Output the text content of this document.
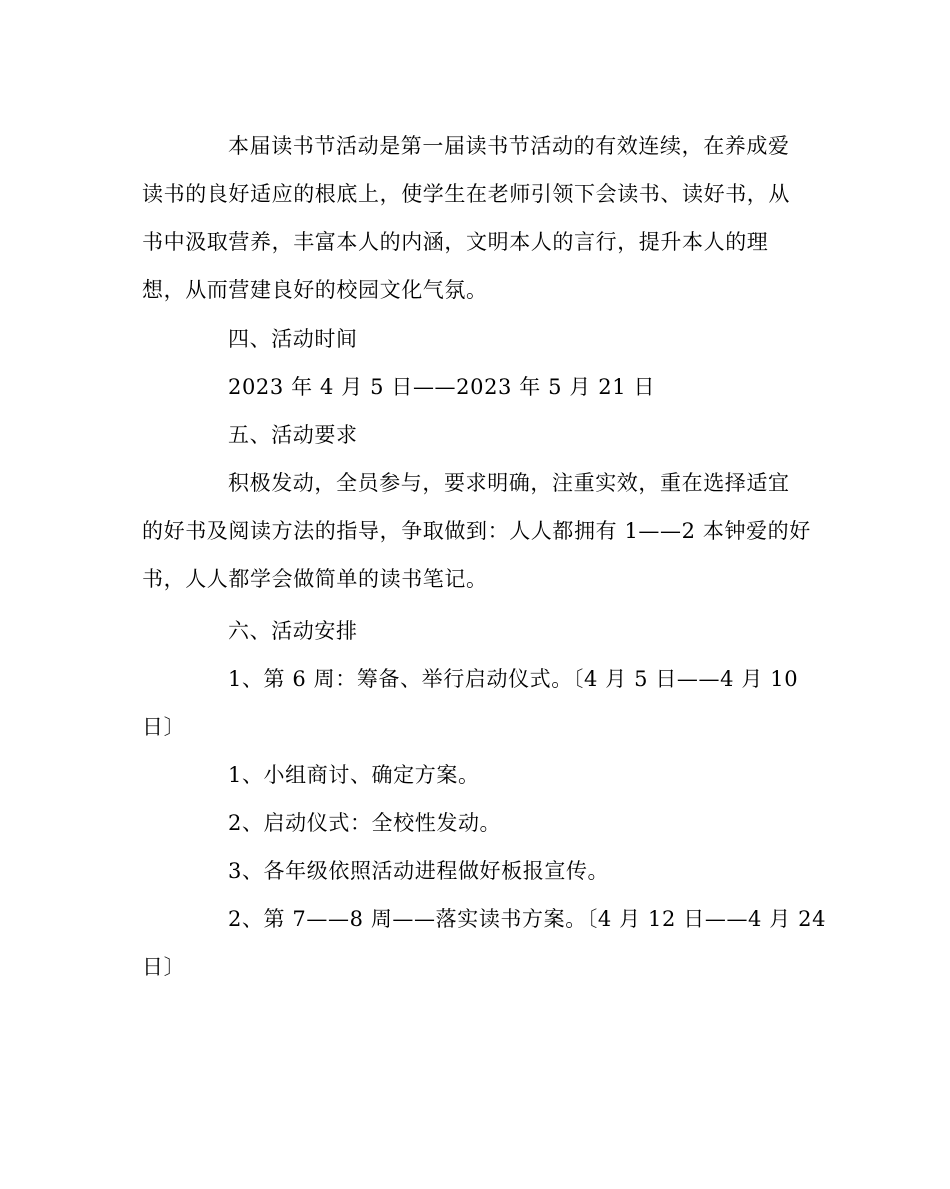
本届读书节活动是第一届读书节活动的有效连续，在养成爱
读书的良好适应的根底上，使学生在老师引领下会读书、读好书，从
书中汲取营养，丰富本人的内涵，文明本人的言行，提升本人的理
想，从而营建良好的校园文化气氛。
四、活动时间
2023 年 4 月 5 日——2023 年 5 月 21 日
五、活动要求
积极发动，全员参与，要求明确，注重实效，重在选择适宜
的好书及阅读方法的指导，争取做到：人人都拥有 1——2 本钟爱的好
书，人人都学会做简单的读书笔记。
六、活动安排
1、第 6 周：筹备、举行启动仪式。〔4 月 5 日——4 月 10
日〕
1、小组商讨、确定方案。
2、启动仪式：全校性发动。
3、各年级依照活动进程做好板报宣传。
2、第 7——8 周——落实读书方案。〔4 月 12 日——4 月 24
日〕
